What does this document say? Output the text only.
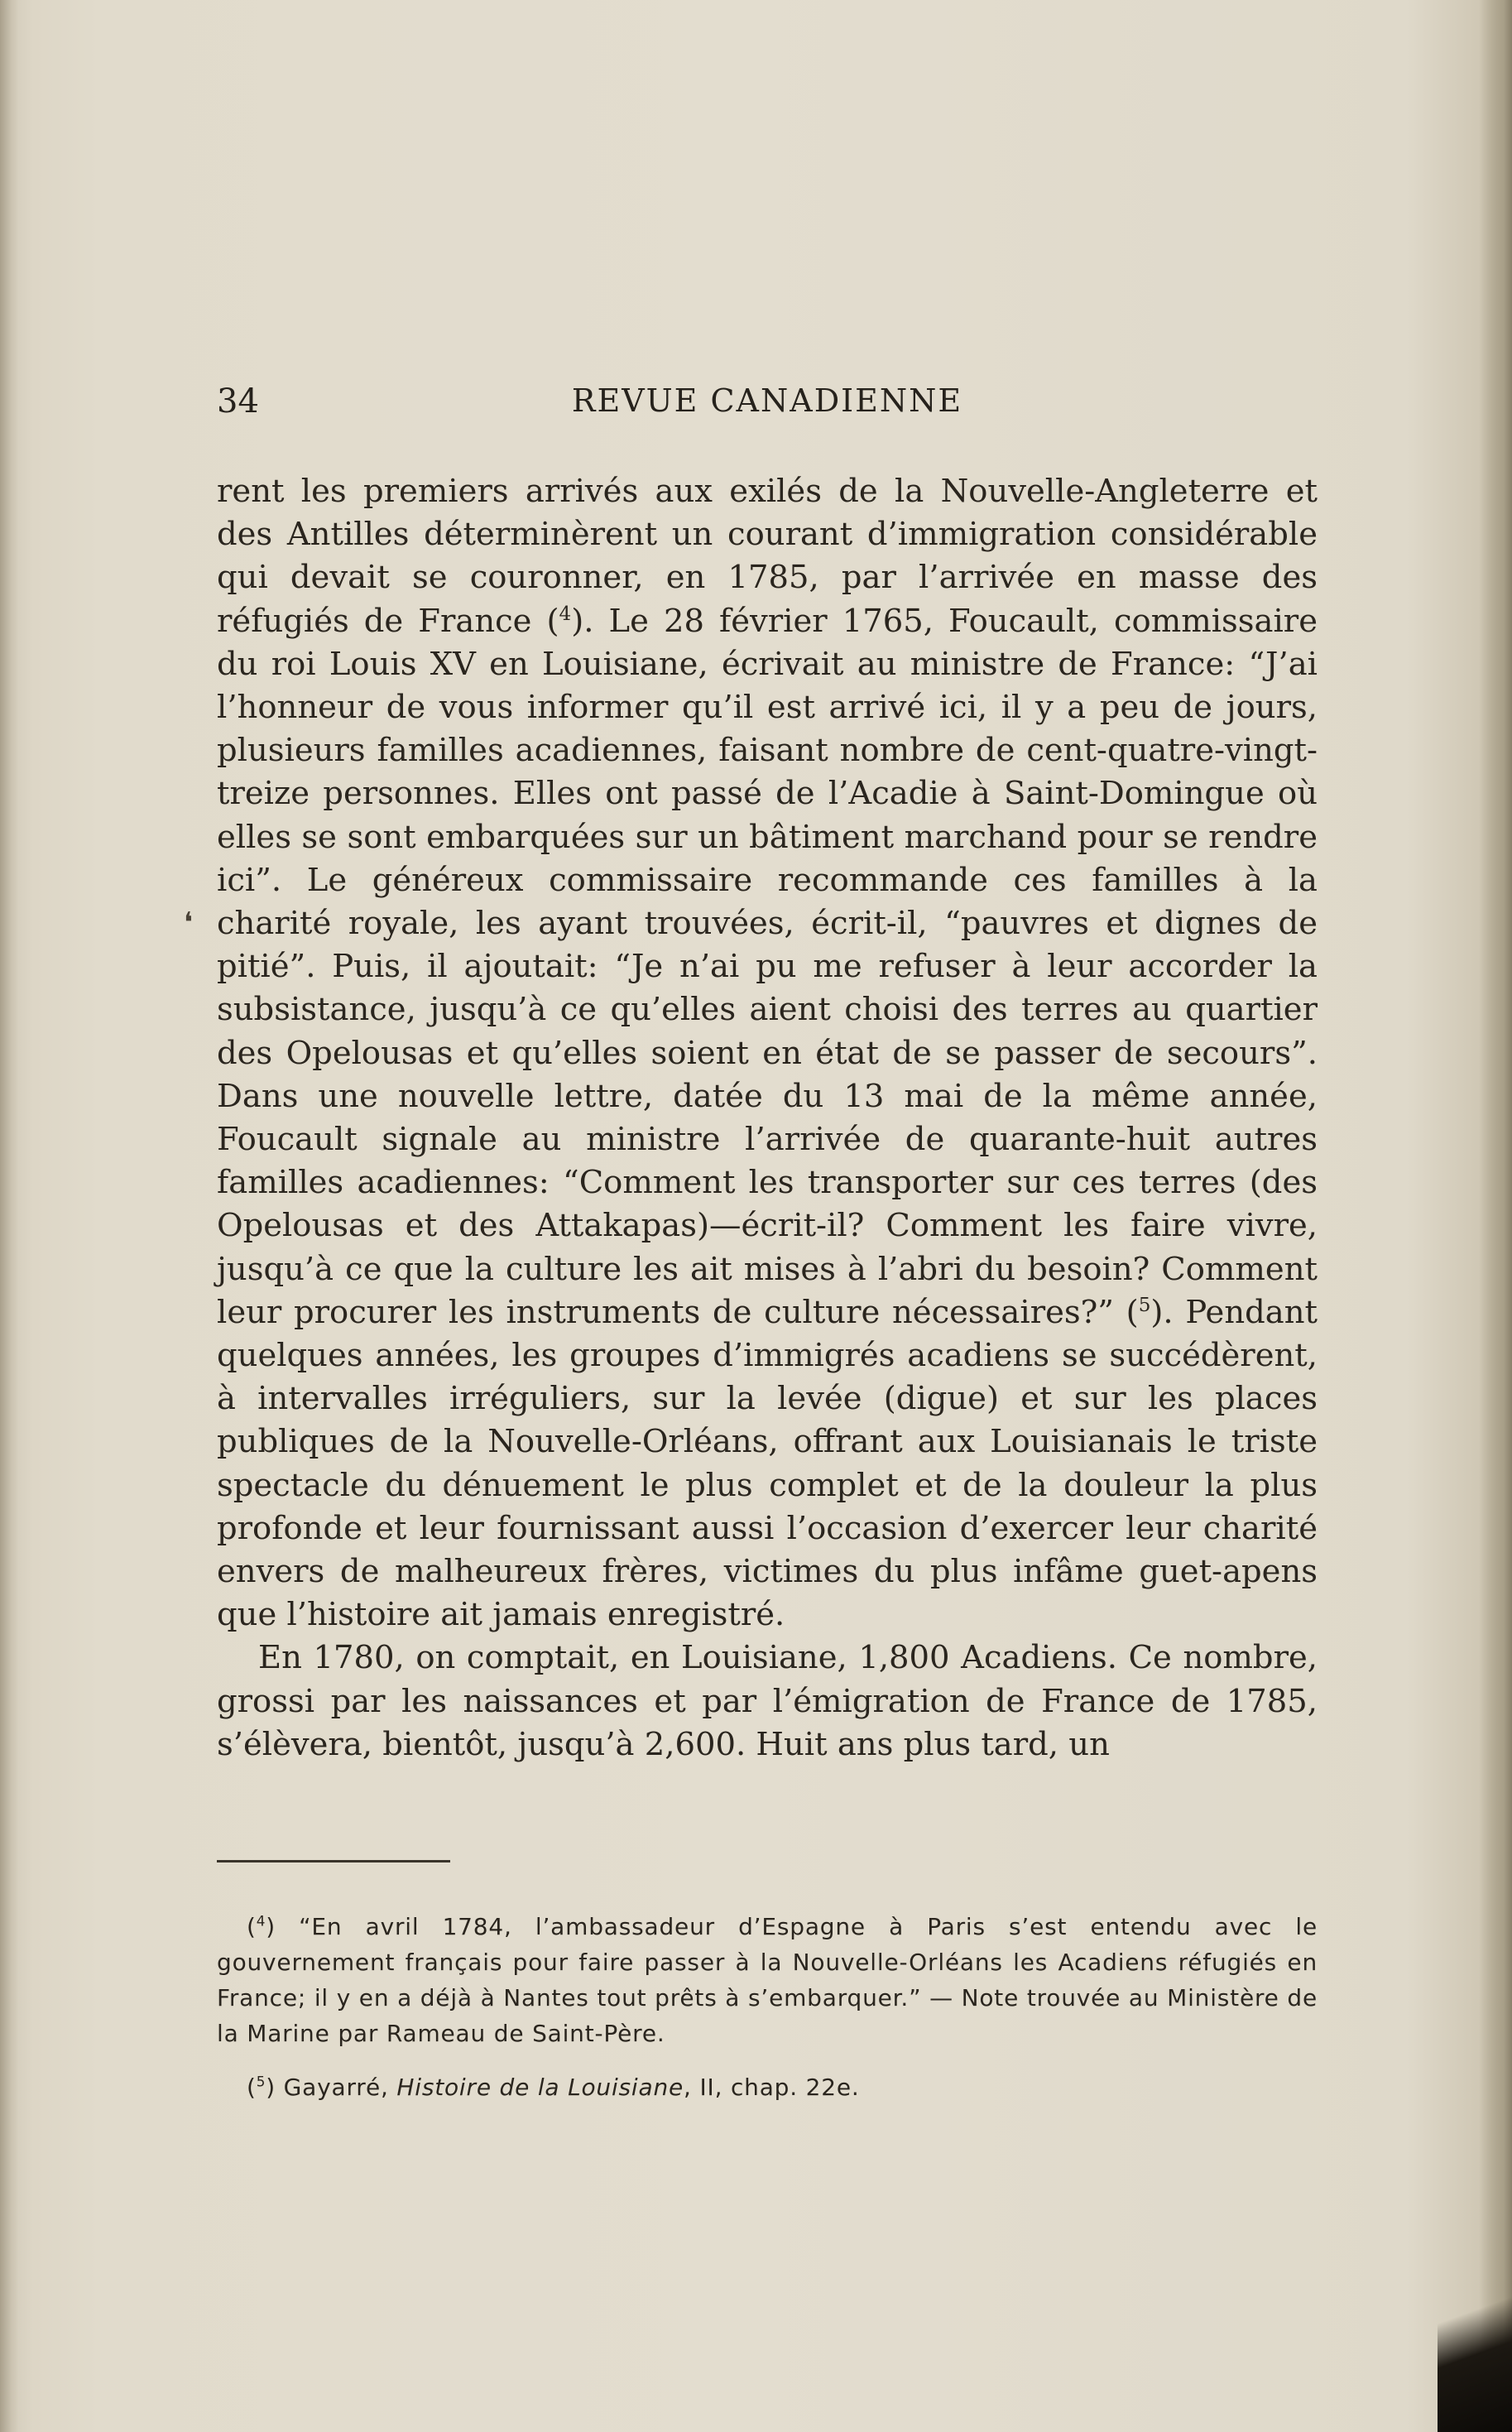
34	REVUE CANADIENNE
❛

rent les premiers arrivés aux exilés de la Nouvelle-Angleterre et des Antilles déterminèrent un courant d’immigration considérable qui devait se couronner, en 1785, par l’arrivée en masse des réfugiés de France ($^4$). Le 28 février 1765, Foucault, commissaire du roi Louis XV en Louisiane, écrivait au ministre de France: “J’ai l’honneur de vous informer qu’il est arrivé ici, il y a peu de jours, plusieurs familles acadiennes, faisant nombre de cent-quatre-vingt-treize personnes. Elles ont passé de l’Acadie à Saint-Domingue où elles se sont embarquées sur un bâtiment marchand pour se rendre ici”. Le généreux commissaire recommande ces familles à la charité royale, les ayant trouvées, écrit-il, “pauvres et dignes de pitié”. Puis, il ajoutait: “Je n’ai pu me refuser à leur accorder la subsistance, jusqu’à ce qu’elles aient choisi des terres au quartier des Opelousas et qu’elles soient en état de se passer de secours”. Dans une nouvelle lettre, datée du 13 mai de la même année, Foucault signale au ministre l’arrivée de quarante-huit autres familles acadiennes: “Comment les transporter sur ces terres (des Opelousas et des Attakapas)—écrit-il? Comment les faire vivre, jusqu’à ce que la culture les ait mises à l’abri du besoin? Comment leur procurer les instruments de culture nécessaires?” ($^5$). Pendant quelques années, les groupes d’immigrés acadiens se succédèrent, à intervalles irréguliers, sur la levée (digue) et sur les places publiques de la Nouvelle-Orléans, offrant aux Louisianais le triste spectacle du dénuement le plus complet et de la douleur la plus profonde et leur fournissant aussi l’occasion d’exercer leur charité envers de malheureux frères, victimes du plus infâme guet-apens que l’histoire ait jamais enregistré.

En 1780, on comptait, en Louisiane, 1,800 Acadiens. Ce nombre, grossi par les naissances et par l’émigration de France de 1785, s’élèvera, bientôt, jusqu’à 2,600. Huit ans plus tard, un

($^4$) “En avril 1784, l’ambassadeur d’Espagne à Paris s’est entendu avec le gouvernement français pour faire passer à la Nouvelle-Orléans les Acadiens réfugiés en France; il y en a déjà à Nantes tout prêts à s’embarquer.” — Note trouvée au Ministère de la Marine par Rameau de Saint-Père.

($^5$) Gayarré, Histoire de la Louisiane, II, chap. 22e.
